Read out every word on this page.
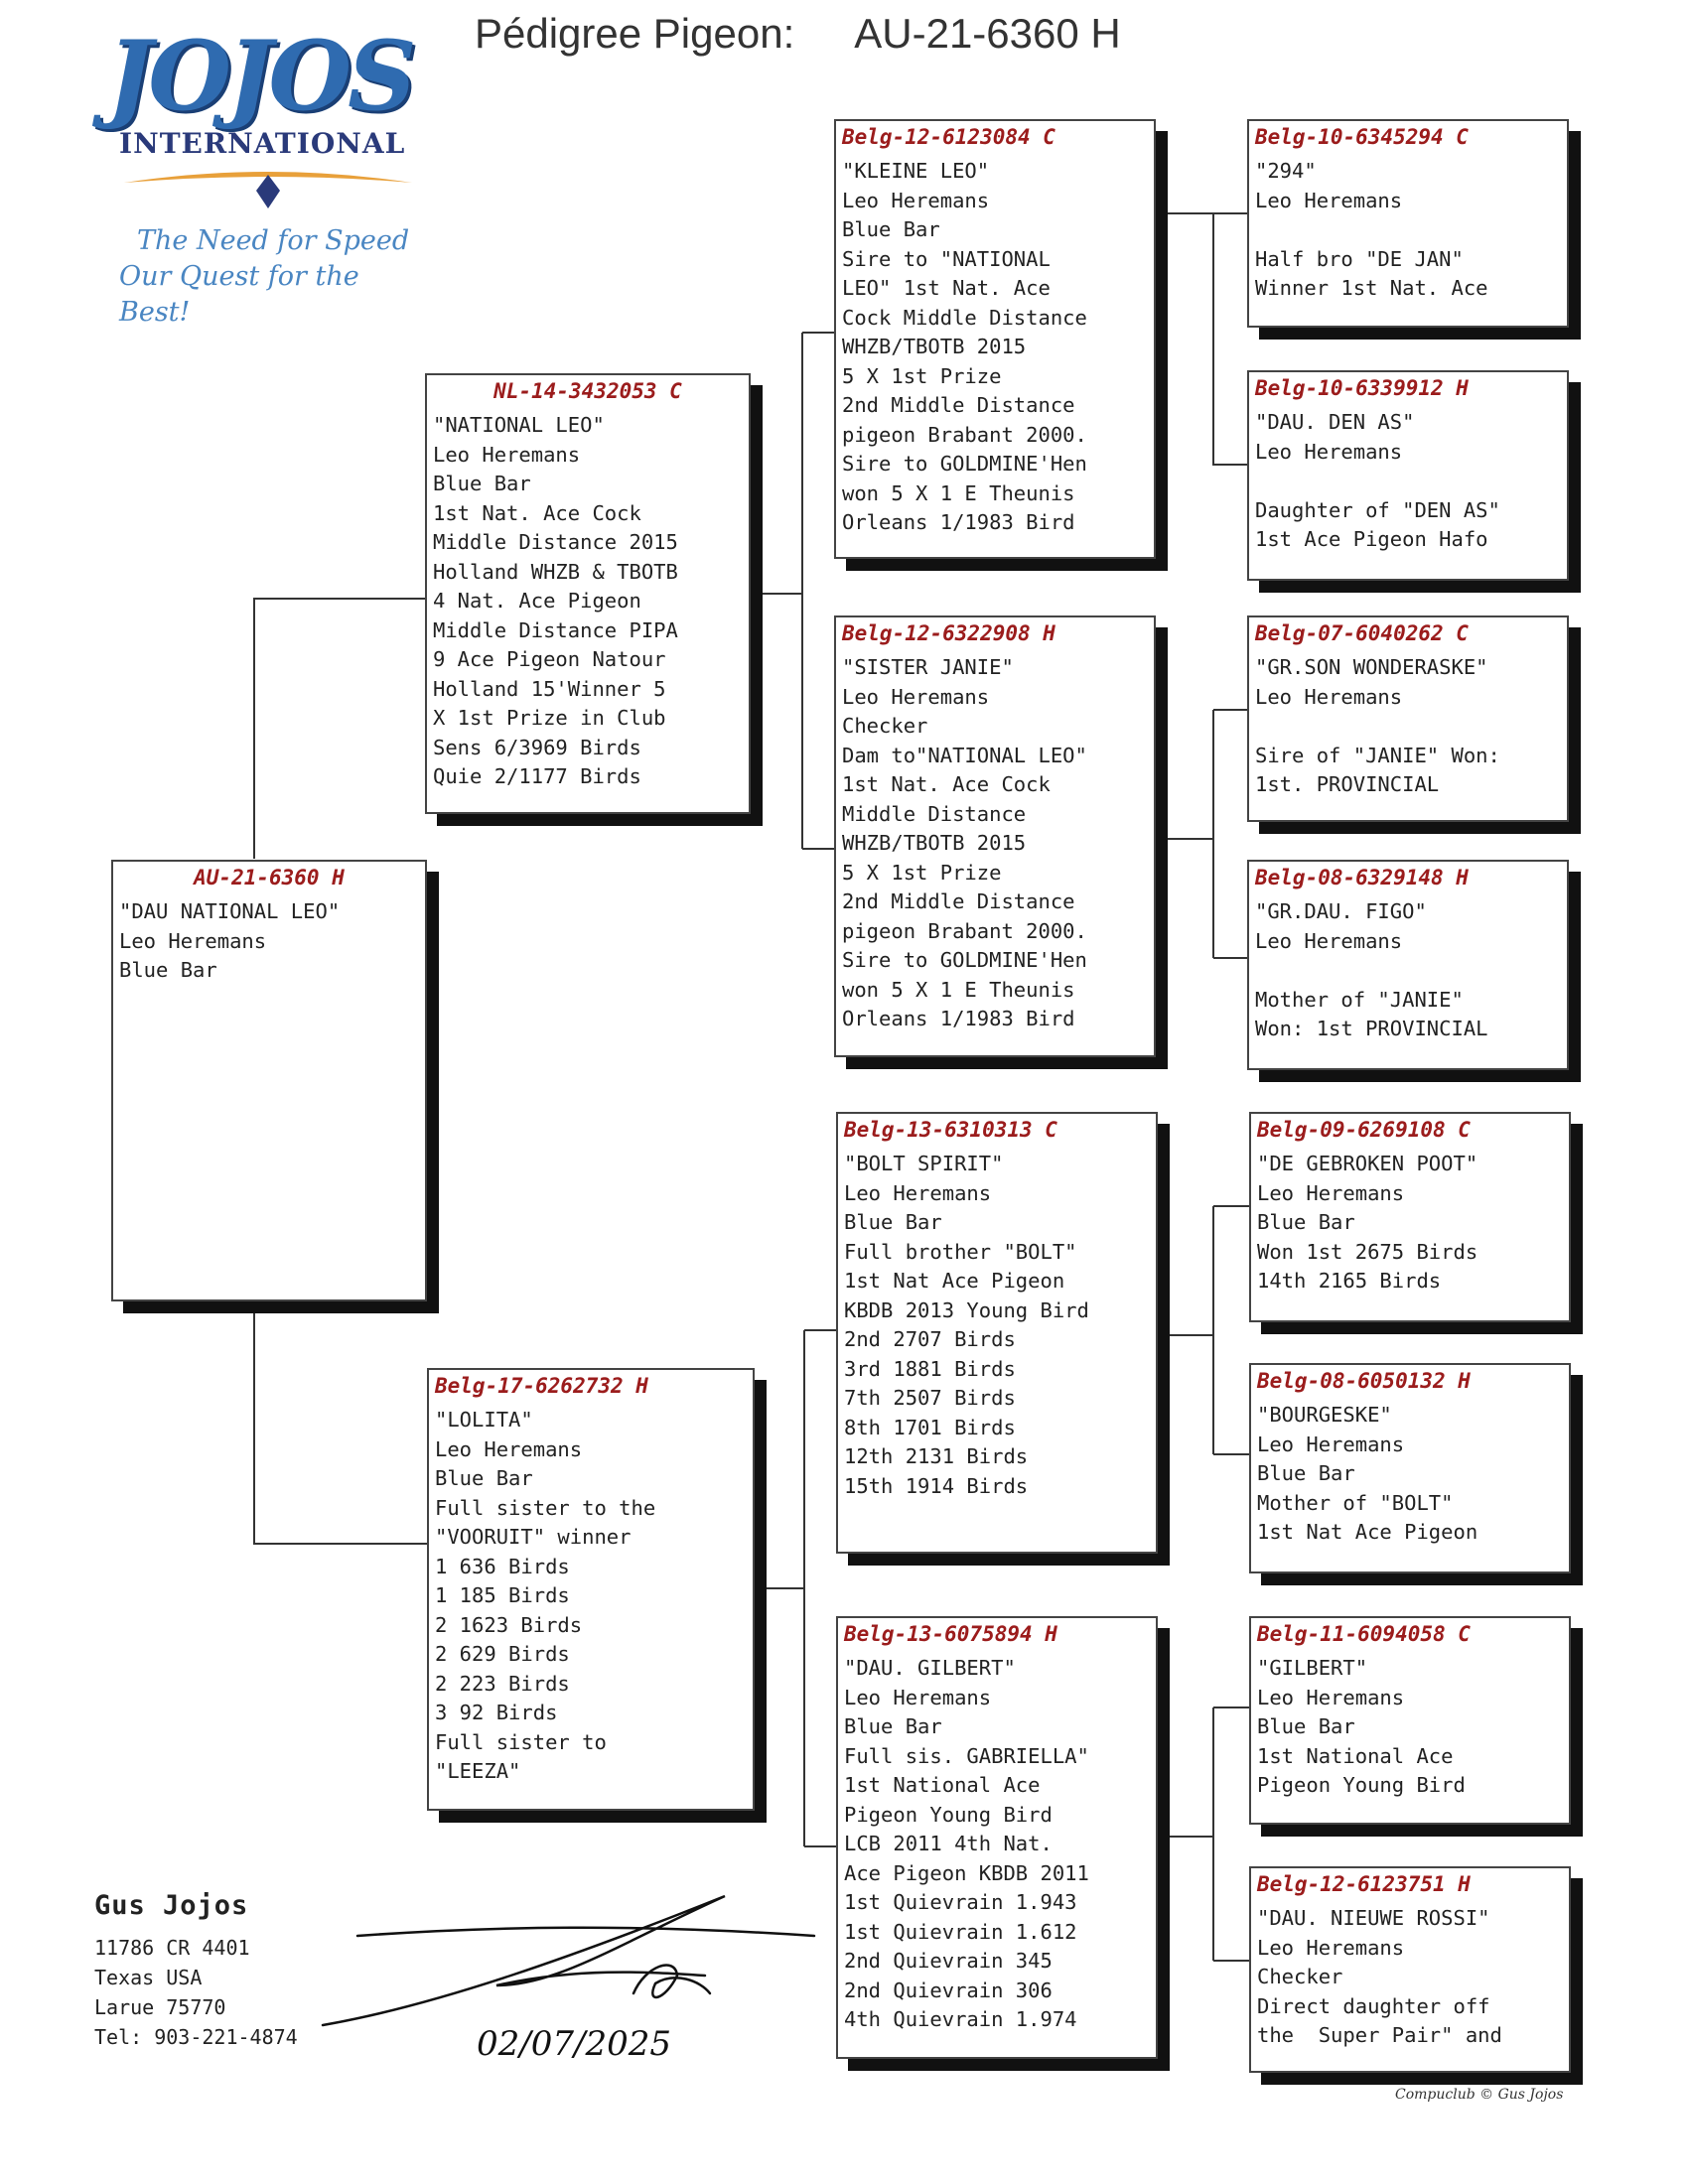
JOJOS
INTERNATIONAL
The Need for Speed
Our Quest for the Best!
Pédigree Pigeon: AU-21-6360 H
AU-21-6360 H
"DAU NATIONAL LEO"
Leo Heremans
Blue Bar
NL-14-3432053 C
"NATIONAL LEO"
Leo Heremans
Blue Bar
1st Nat. Ace Cock
Middle Distance 2015
Holland WHZB & TBOTB
4 Nat. Ace Pigeon
Middle Distance PIPA
9 Ace Pigeon Natour
Holland 15'Winner 5
X 1st Prize in Club
Sens 6/3969 Birds
Quie 2/1177 Birds
Belg-17-6262732 H
"LOLITA"
Leo Heremans
Blue Bar
Full sister to the
"VOORUIT" winner
1 636 Birds
1 185 Birds
2 1623 Birds
2 629 Birds
2 223 Birds
3 92 Birds
Full sister to
"LEEZA"
Belg-12-6123084 C
"KLEINE LEO"
Leo Heremans
Blue Bar
Sire to "NATIONAL
LEO" 1st Nat. Ace
Cock Middle Distance
WHZB/TBOTB 2015
5 X 1st Prize
2nd Middle Distance
pigeon Brabant 2000.
Sire to GOLDMINE'Hen
won 5 X 1 E Theunis
Orleans 1/1983 Bird
Belg-12-6322908 H
"SISTER JANIE"
Leo Heremans
Checker
Dam to"NATIONAL LEO"
1st Nat. Ace Cock
Middle Distance
WHZB/TBOTB 2015
5 X 1st Prize
2nd Middle Distance
pigeon Brabant 2000.
Sire to GOLDMINE'Hen
won 5 X 1 E Theunis
Orleans 1/1983 Bird
Belg-13-6310313 C
"BOLT SPIRIT"
Leo Heremans
Blue Bar
Full brother "BOLT"
1st Nat Ace Pigeon
KBDB 2013 Young Bird
2nd 2707 Birds
3rd 1881 Birds
7th 2507 Birds
8th 1701 Birds
12th 2131 Birds
15th 1914 Birds
Belg-13-6075894 H
"DAU. GILBERT"
Leo Heremans
Blue Bar
Full sis. GABRIELLA"
1st National Ace
Pigeon Young Bird
LCB 2011 4th Nat.
Ace Pigeon KBDB 2011
1st Quievrain 1.943
1st Quievrain 1.612
2nd Quievrain 345
2nd Quievrain 306
4th Quievrain 1.974
Belg-10-6345294 C
"294"
Leo Heremans

Half bro "DE JAN"
Winner 1st Nat. Ace
Belg-10-6339912 H
"DAU. DEN AS"
Leo Heremans

Daughter of "DEN AS"
1st Ace Pigeon Hafo
Belg-07-6040262 C
"GR.SON WONDERASKE"
Leo Heremans

Sire of "JANIE" Won:
1st. PROVINCIAL
Belg-08-6329148 H
"GR.DAU. FIGO"
Leo Heremans

Mother of "JANIE"
Won: 1st PROVINCIAL
Belg-09-6269108 C
"DE GEBROKEN POOT"
Leo Heremans
Blue Bar
Won 1st 2675 Birds
14th 2165 Birds
Belg-08-6050132 H
"BOURGESKE"
Leo Heremans
Blue Bar
Mother of "BOLT"
1st Nat Ace Pigeon
Belg-11-6094058 C
"GILBERT"
Leo Heremans
Blue Bar
1st National Ace
Pigeon Young Bird
Belg-12-6123751 H
"DAU. NIEUWE ROSSI"
Leo Heremans
Checker
Direct daughter off
the  Super Pair" and
Gus Jojos
11786 CR 4401
Texas USA
Larue 75770
Tel: 903-221-4874	02/07/2025
Compuclub © Gus Jojos
